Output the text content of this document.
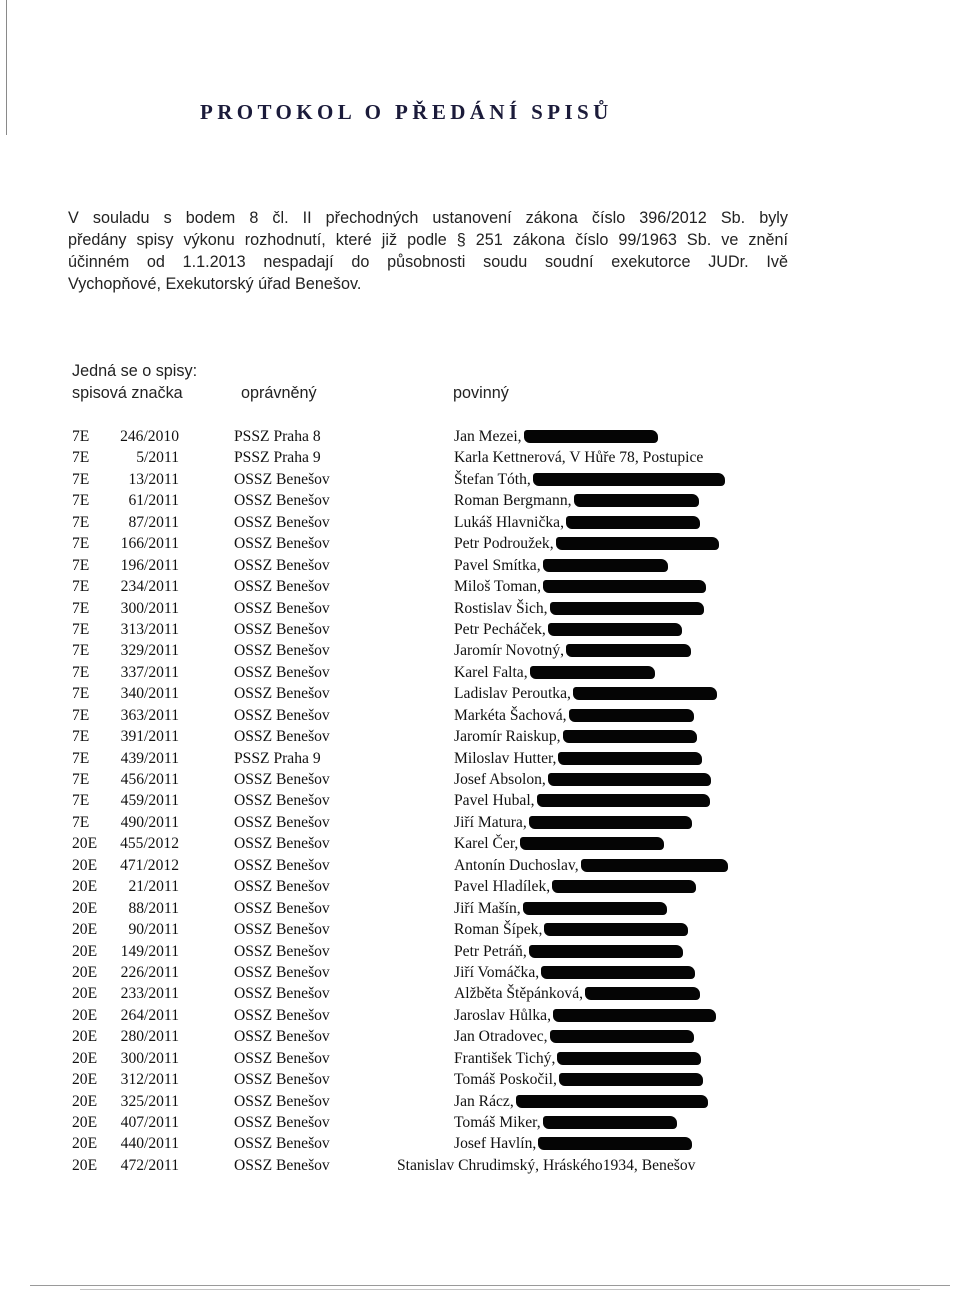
PROTOKOL O PŘEDÁNÍ SPISŮ
V souladu s bodem 8 čl. II přechodných ustanovení zákona číslo 396/2012 Sb. byly
předány spisy výkonu rozhodnutí, které již podle § 251 zákona číslo 99/1963 Sb. ve znění
účinném od 1.1.2013 nespadají do působnosti soudu soudní exekutorce JUDr. Ivě
Vychopňové, Exekutorský úřad Benešov.
Jedná se o spisy:
spisová značka	oprávněný	povinný
7E	246/2010	PSSZ Praha 8	Jan Mezei,
7E	5/2011	PSSZ Praha 9	Karla Kettnerová, V Hůře 78, Postupice
7E	13/2011	OSSZ Benešov	Štefan Tóth,
7E	61/2011	OSSZ Benešov	Roman Bergmann,
7E	87/2011	OSSZ Benešov	Lukáš Hlavnička,
7E	166/2011	OSSZ Benešov	Petr Podroužek,
7E	196/2011	OSSZ Benešov	Pavel Smítka,
7E	234/2011	OSSZ Benešov	Miloš Toman,
7E	300/2011	OSSZ Benešov	Rostislav Šich,
7E	313/2011	OSSZ Benešov	Petr Pecháček,
7E	329/2011	OSSZ Benešov	Jaromír Novotný,
7E	337/2011	OSSZ Benešov	Karel Falta,
7E	340/2011	OSSZ Benešov	Ladislav Peroutka,
7E	363/2011	OSSZ Benešov	Markéta Šachová,
7E	391/2011	OSSZ Benešov	Jaromír Raiskup,
7E	439/2011	PSSZ Praha 9	Miloslav Hutter,
7E	456/2011	OSSZ Benešov	Josef Absolon,
7E	459/2011	OSSZ Benešov	Pavel Hubal,
7E	490/2011	OSSZ Benešov	Jiří Matura,
20E	455/2012	OSSZ Benešov	Karel Čer,
20E	471/2012	OSSZ Benešov	Antonín Duchoslav,
20E	21/2011	OSSZ Benešov	Pavel Hladílek,
20E	88/2011	OSSZ Benešov	Jiří Mašín,
20E	90/2011	OSSZ Benešov	Roman Šípek,
20E	149/2011	OSSZ Benešov	Petr Petráň,
20E	226/2011	OSSZ Benešov	Jiří Vomáčka,
20E	233/2011	OSSZ Benešov	Alžběta Štěpánková,
20E	264/2011	OSSZ Benešov	Jaroslav Hůlka,
20E	280/2011	OSSZ Benešov	Jan Otradovec,
20E	300/2011	OSSZ Benešov	František Tichý,
20E	312/2011	OSSZ Benešov	Tomáš Poskočil,
20E	325/2011	OSSZ Benešov	Jan Rácz,
20E	407/2011	OSSZ Benešov	Tomáš Miker,
20E	440/2011	OSSZ Benešov	Josef Havlín,
20E	472/2011	OSSZ Benešov	Stanislav Chrudimský, Hráského1934, Benešov
